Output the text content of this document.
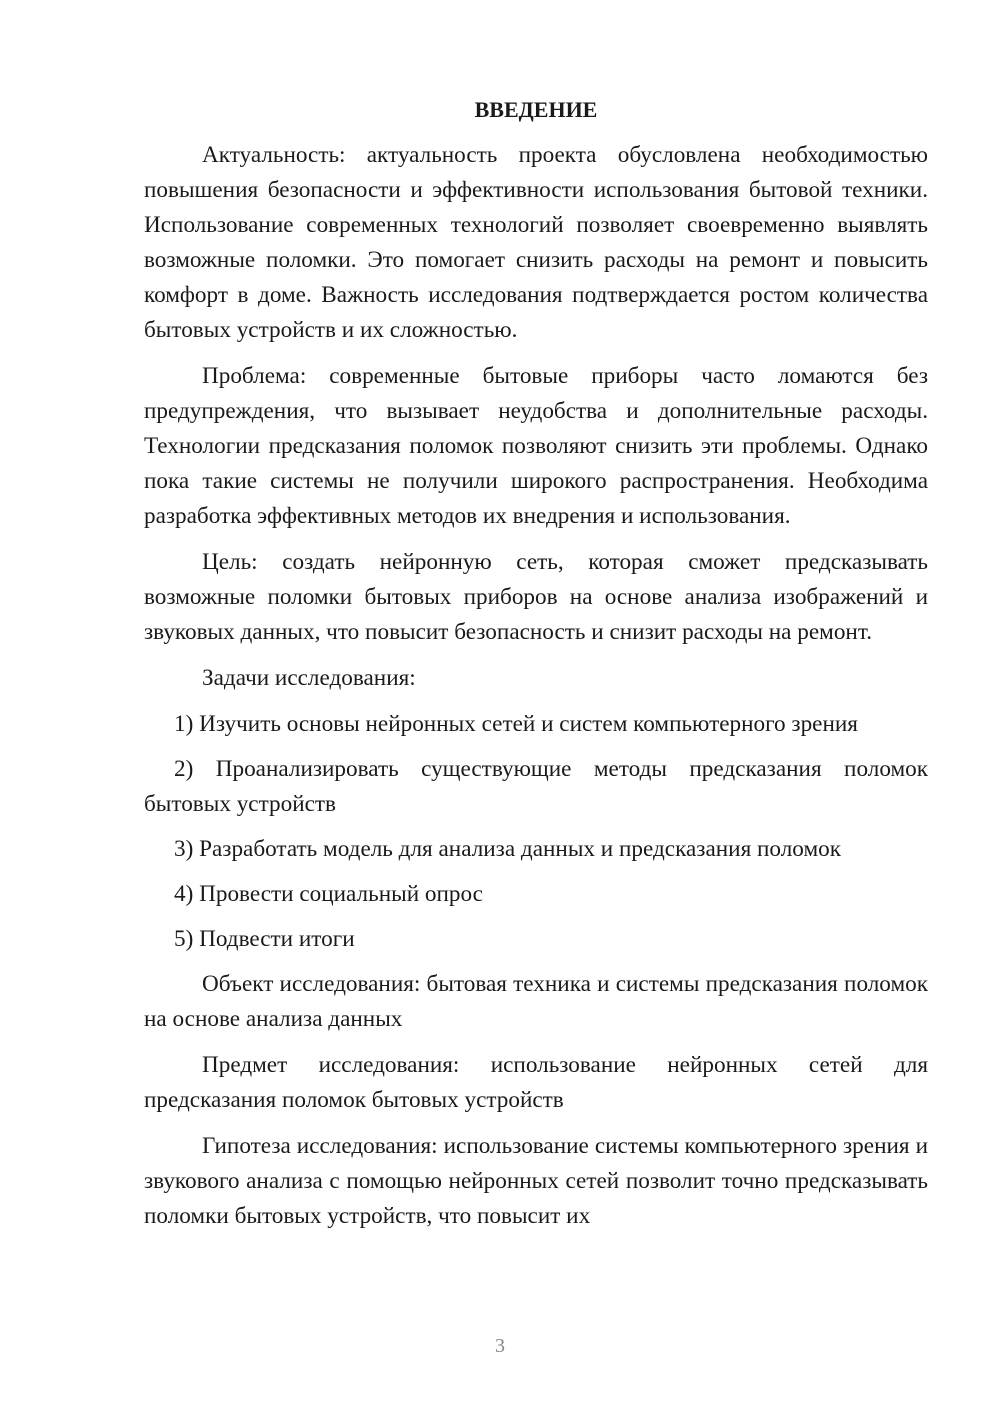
ВВЕДЕНИЕ

Актуальность: актуальность проекта обусловлена необходимостью повышения безопасности и эффективности использования бытовой техники. Использование современных технологий позволяет своевременно выявлять возможные поломки. Это помогает снизить расходы на ремонт и повысить комфорт в доме. Важность исследования подтверждается ростом количества бытовых устройств и их сложностью.

Проблема: современные бытовые приборы часто ломаются без предупреждения, что вызывает неудобства и дополнительные расходы. Технологии предсказания поломок позволяют снизить эти проблемы. Однако пока такие системы не получили широкого распространения. Необходима разработка эффективных методов их внедрения и использования.

Цель: создать нейронную сеть, которая сможет предсказывать возможные поломки бытовых приборов на основе анализа изображений и звуковых данных, что повысит безопасность и снизит расходы на ремонт.

Задачи исследования:

1) Изучить основы нейронных сетей и систем компьютерного зрения

2) Проанализировать существующие методы предсказания поломок бытовых устройств

3) Разработать модель для анализа данных и предсказания поломок

4) Провести социальный опрос

5) Подвести итоги

Объект исследования: бытовая техника и системы предсказания поломок на основе анализа данных

Предмет исследования: использование нейронных сетей для предсказания поломок бытовых устройств

Гипотеза исследования: использование системы компьютерного зрения и звукового анализа с помощью нейронных сетей позволит точно предсказывать поломки бытовых устройств, что повысит их

3
